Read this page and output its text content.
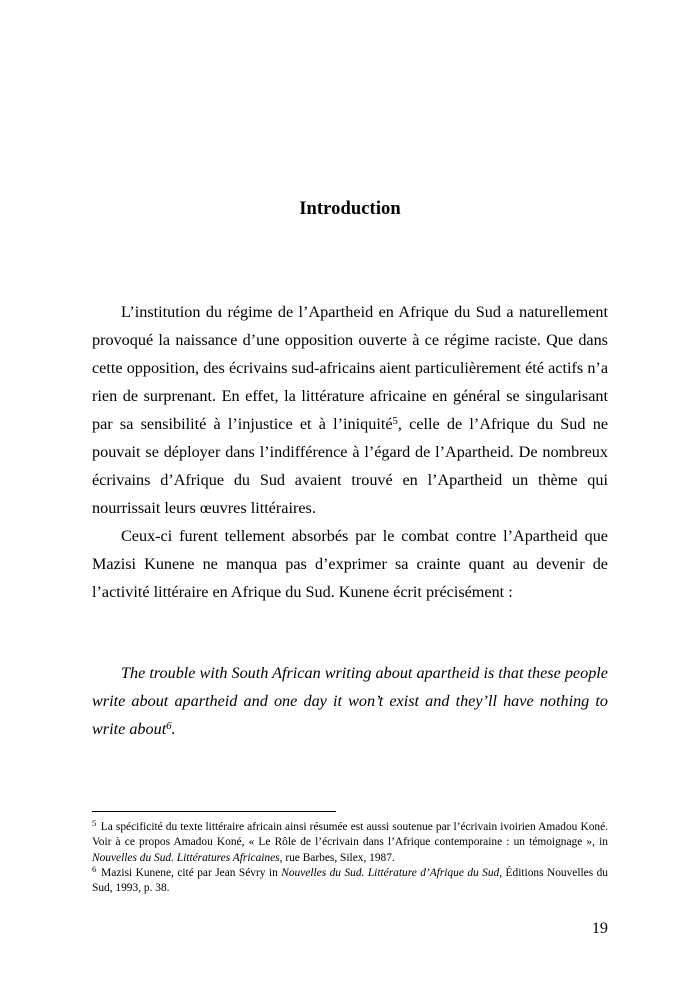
Introduction

L’institution du régime de l’Apartheid en Afrique du Sud a naturellement provoqué la naissance d’une opposition ouverte à ce régime raciste. Que dans cette opposition, des écrivains sud-africains aient particulièrement été actifs n’a rien de surprenant. En effet, la littérature africaine en général se singularisant par sa sensibilité à l’injustice et à l’iniquité$^5$, celle de l’Afrique du Sud ne pouvait se déployer dans l’indifférence à l’égard de l’Apartheid. De nombreux écrivains d’Afrique du Sud avaient trouvé en l’Apartheid un thème qui nourrissait leurs œuvres littéraires.

Ceux-ci furent tellement absorbés par le combat contre l’Apartheid que Mazisi Kunene ne manqua pas d’exprimer sa crainte quant au devenir de l’activité littéraire en Afrique du Sud. Kunene écrit précisément :

The trouble with South African writing about apartheid is that these people write about apartheid and one day it won’t exist and they’ll have nothing to write about$^6$.

$^5$ La spécificité du texte littéraire africain ainsi résumée est aussi soutenue par l’écrivain ivoirien Amadou Koné. Voir à ce propos Amadou Koné, « Le Rôle de l’écrivain dans l’Afrique contemporaine : un témoignage », in Nouvelles du Sud. Littératures Africaines, rue Barbes, Silex, 1987.

$^6$ Mazisi Kunene, cité par Jean Sévry in Nouvelles du Sud. Littérature d’Afrique du Sud, Éditions Nouvelles du Sud, 1993, p. 38.

19
